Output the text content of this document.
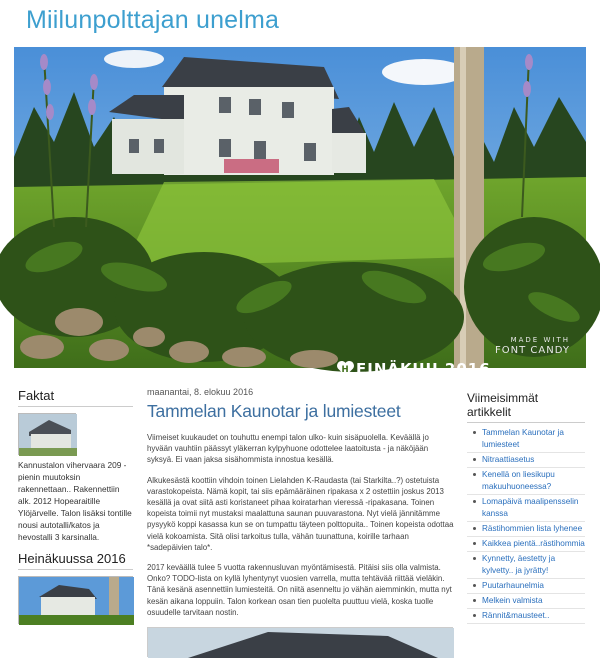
Miilunpolttajan unelma
H EINÄKUU 2016
MADE WITH
FONT CANDY
Faktat
Kannustalon vihervaara 209 -pienin muutoksin rakennettaan.. Rakennettiin alk. 2012 Hopearaitille Ylöjärvelle. Talon lisäksi tontille nousi autotalli/katos ja hevostalli 3 karsinalla.
Heinäkuussa 2016
maanantai, 8. elokuu 2016
Tammelan Kaunotar ja lumiesteet

Viimeiset kuukaudet on touhuttu enempi talon ulko- kuin sisäpuolella. Keväällä jo hyvään vauhtiin päässyt yläkerran kylpyhuone odottelee laatoitusta - ja näköjään syksyä. Ei vaan jaksa sisähommista innostua kesällä.

Alkukesästä koottiin vihdoin toinen Lielahden K-Raudasta (tai Starkilta..?) ostetuista varastokopeista. Nämä kopit, tai siis epämääräinen ripakasa x 2 ostettiin joskus 2013 kesällä ja ovat siitä asti koristaneet pihaa koiratarhan vieressä -ripakasana. Toinen kopeista toimii nyt mustaksi maalattuna saunan puuvarastona. Nyt vielä jännitämme pysyykö koppi kasassa kun se on tumpattu täyteen polttopuita.. Toinen kopeista odottaa vielä kokoamista. Sitä olisi tarkoitus tulla, vähän tuunattuna, koirille tarhaan *sadepäivien talo*.

2017 keväällä tulee 5 vuotta rakennusluvan myöntämisestä. Pitäisi siis olla valmista. Onko? TODO-lista on kyllä lyhentynyt vuosien varrella, mutta tehtävää riittää vieläkin. Tänä kesänä asennettiin lumiesteitä. On niitä asenneltu jo vähän aiemminkin, mutta nyt kesän aikana loppuiin. Talon korkean osan tien puolelta puuttuu vielä, koska tuolle osuudelle tarvitaan nostin.

Viimeisimmät artikkelit
Tammelan Kaunotar ja lumiesteet
Nitraattiasetus
Kenellä on liesikupu makuuhuoneessa?
Lomapäivä maalipensselin kanssa
Rästihommien lista lyhenee
Kaikkea pientä..rästihommia
Kynnetty, äestetty ja kylvetty.. ja jyrätty!
Puutarhaunelmia
Melkein valmista
Rännit&mausteet..
